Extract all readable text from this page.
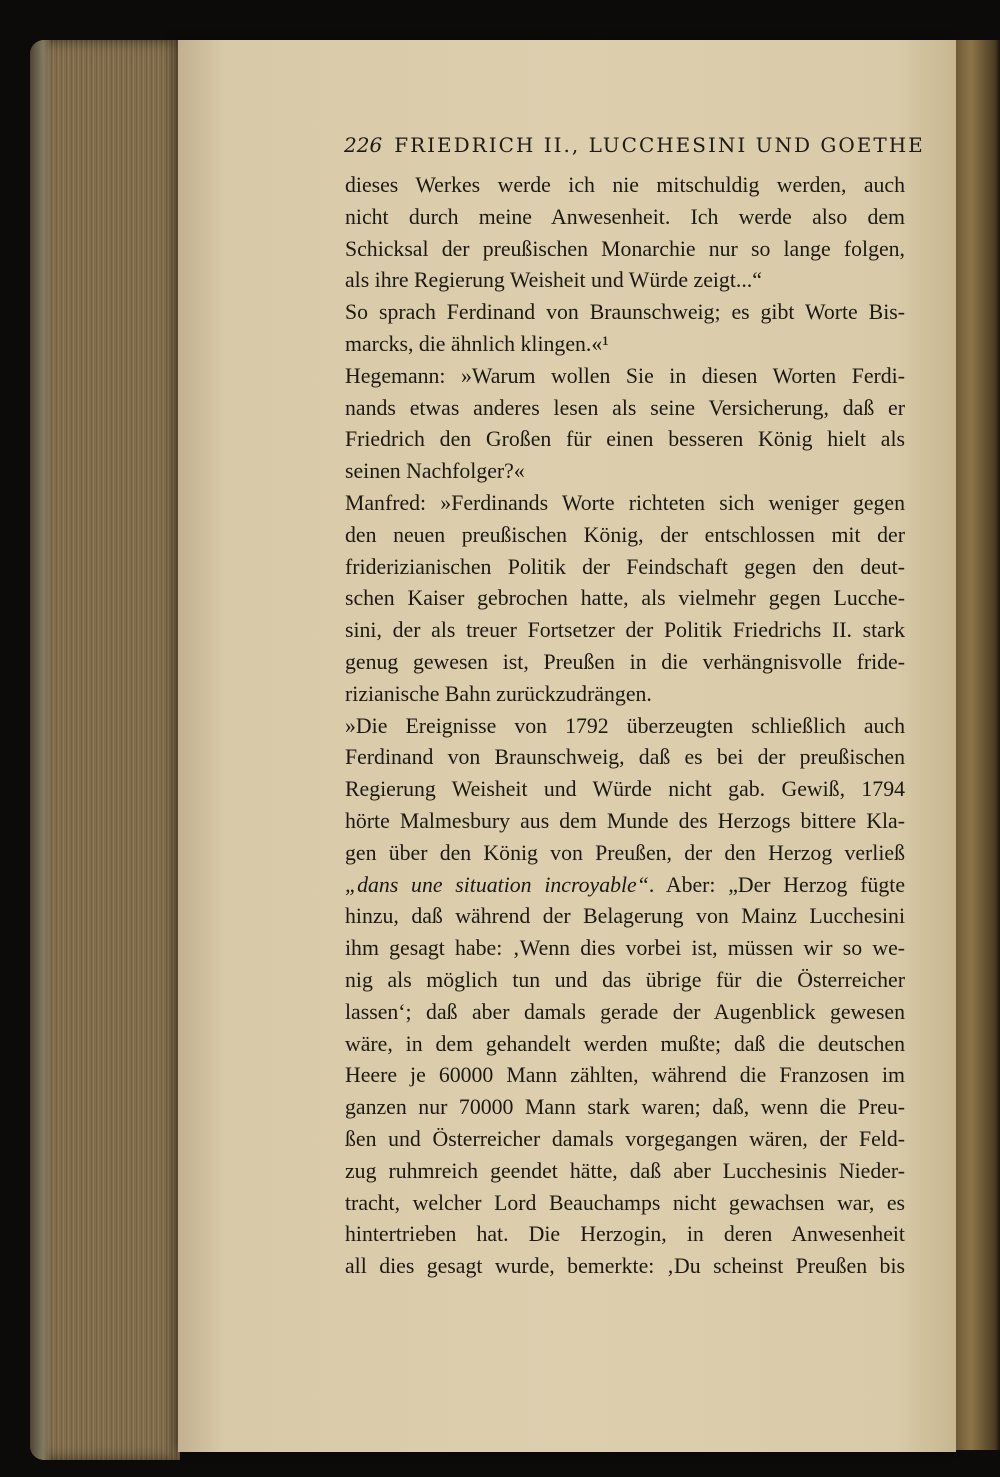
226 FRIEDRICH II., LUCCHESINI UND GOETHE
dieses Werkes werde ich nie mitschuldig werden, auch
nicht durch meine Anwesenheit. Ich werde also dem
Schicksal der preußischen Monarchie nur so lange folgen,
als ihre Regierung Weisheit und Würde zeigt...“
So sprach Ferdinand von Braunschweig; es gibt Worte Bis-
marcks, die ähnlich klingen.«¹
Hegemann: »Warum wollen Sie in diesen Worten Ferdi-
nands etwas anderes lesen als seine Versicherung, daß er
Friedrich den Großen für einen besseren König hielt als
seinen Nachfolger?«
Manfred: »Ferdinands Worte richteten sich weniger gegen
den neuen preußischen König, der entschlossen mit der
friderizianischen Politik der Feindschaft gegen den deut-
schen Kaiser gebrochen hatte, als vielmehr gegen Lucche-
sini, der als treuer Fortsetzer der Politik Friedrichs II. stark
genug gewesen ist, Preußen in die verhängnisvolle fride-
rizianische Bahn zurückzudrängen.
»Die Ereignisse von 1792 überzeugten schließlich auch
Ferdinand von Braunschweig, daß es bei der preußischen
Regierung Weisheit und Würde nicht gab. Gewiß, 1794
hörte Malmesbury aus dem Munde des Herzogs bittere Kla-
gen über den König von Preußen, der den Herzog verließ
„dans une situation incroyable“. Aber: „Der Herzog fügte
hinzu, daß während der Belagerung von Mainz Lucchesini
ihm gesagt habe: ‚Wenn dies vorbei ist, müssen wir so we-
nig als möglich tun und das übrige für die Österreicher
lassen‘; daß aber damals gerade der Augenblick gewesen
wäre, in dem gehandelt werden mußte; daß die deutschen
Heere je 60000 Mann zählten, während die Franzosen im
ganzen nur 70000 Mann stark waren; daß, wenn die Preu-
ßen und Österreicher damals vorgegangen wären, der Feld-
zug ruhmreich geendet hätte, daß aber Lucchesinis Nieder-
tracht, welcher Lord Beauchamps nicht gewachsen war, es
hintertrieben hat. Die Herzogin, in deren Anwesenheit
all dies gesagt wurde, bemerkte: ‚Du scheinst Preußen bis
